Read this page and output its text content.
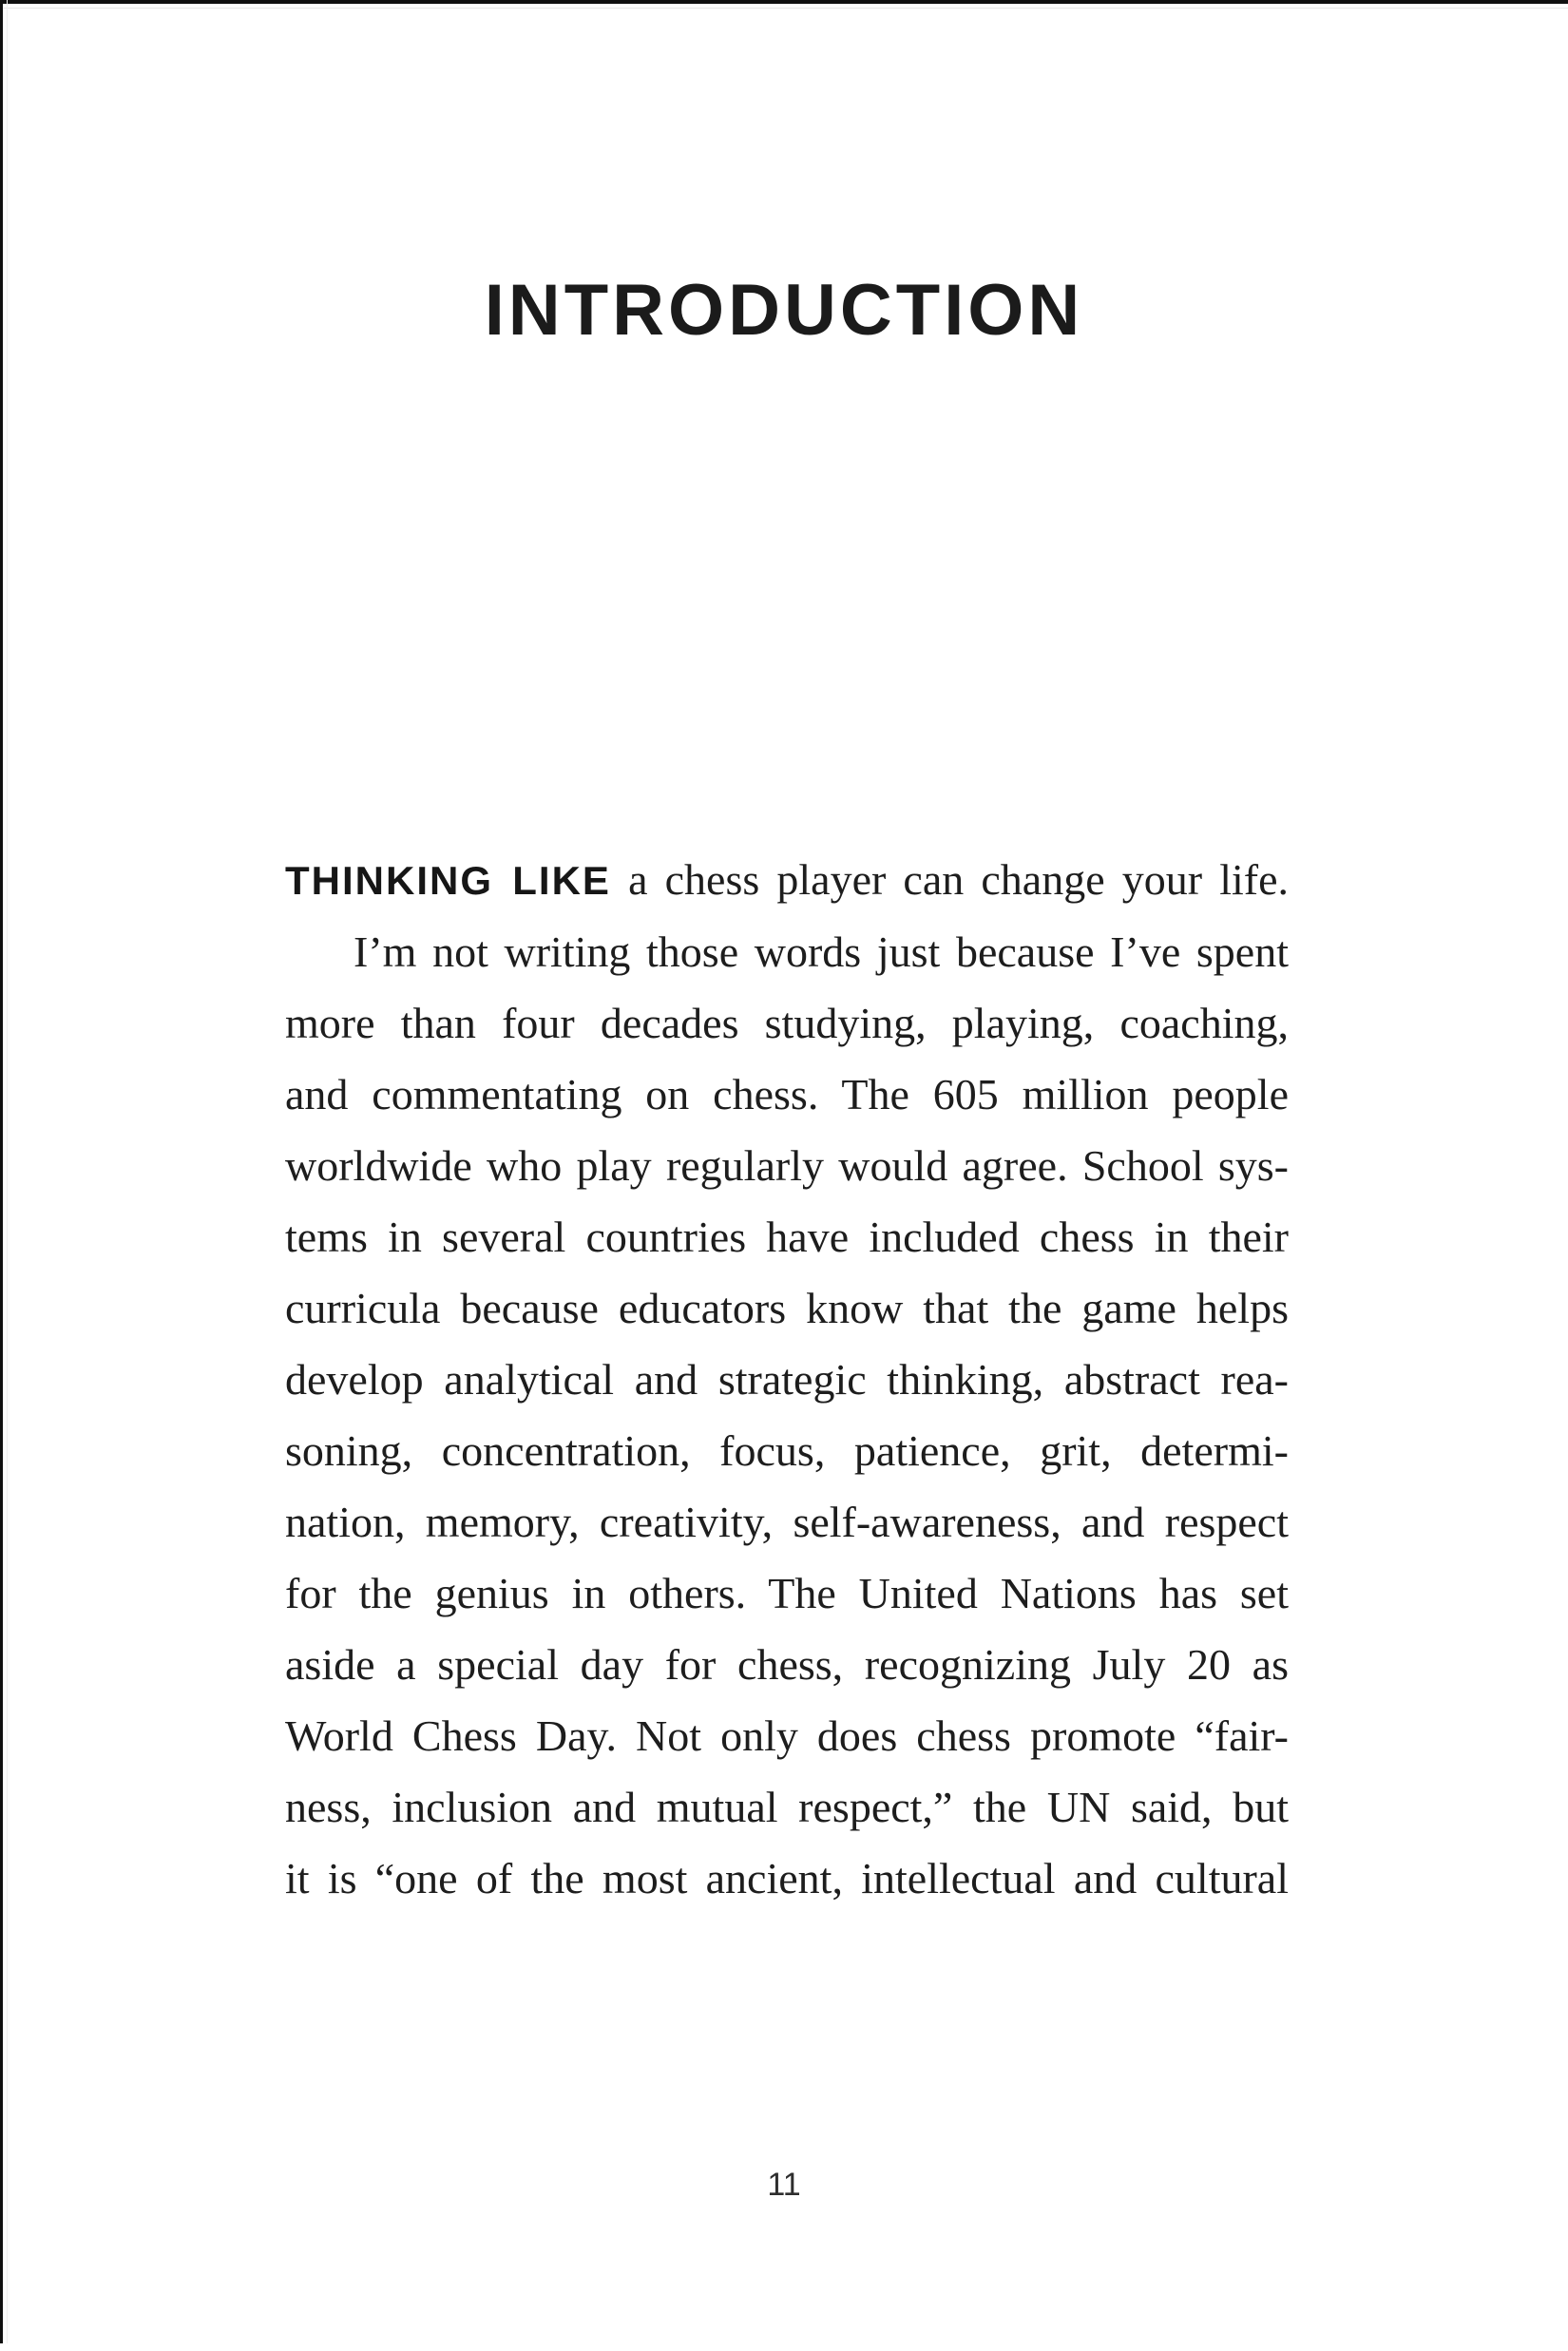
INTRODUCTION
THINKING LIKE a chess player can change your life.
I’m not writing those words just because I’ve spent
more than four decades studying, playing, coaching,
and commentating on chess. The 605 million people
worldwide who play regularly would agree. School sys-
tems in several countries have included chess in their
curricula because educators know that the game helps
develop analytical and strategic thinking, abstract rea-
soning, concentration, focus, patience, grit, determi-
nation, memory, creativity, self-awareness, and respect
for the genius in others. The United Nations has set
aside a special day for chess, recognizing July 20 as
World Chess Day. Not only does chess promote “fair-
ness, inclusion and mutual respect,” the UN said, but
it is “one of the most ancient, intellectual and cultural
11
